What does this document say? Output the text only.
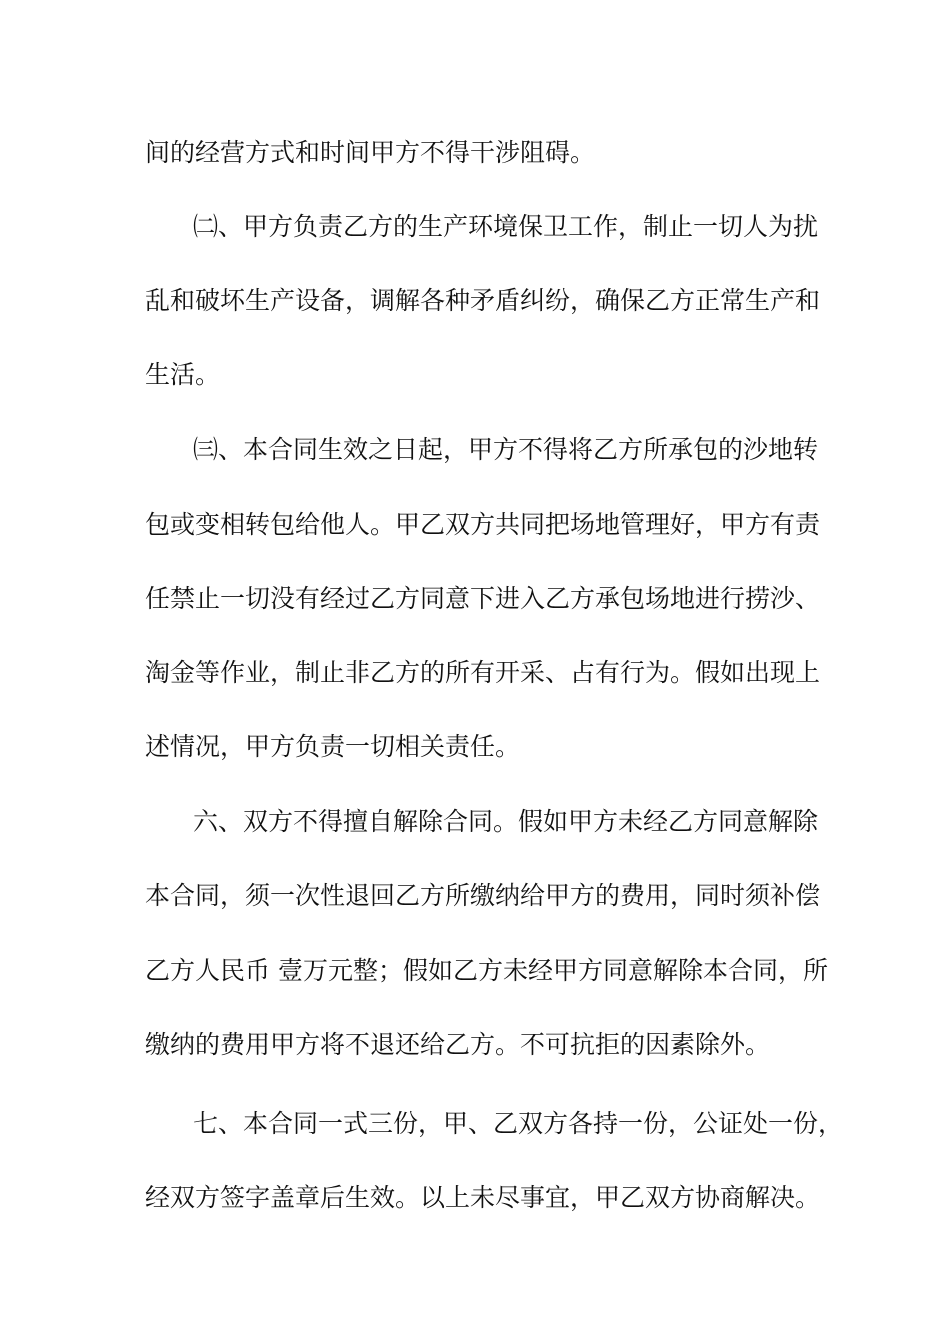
间的经营方式和时间甲方不得干涉阻碍。

㈡、甲方负责乙方的生产环境保卫工作，制止一切人为扰

乱和破坏生产设备，调解各种矛盾纠纷，确保乙方正常生产和

生活。

㈢、本合同生效之日起，甲方不得将乙方所承包的沙地转

包或变相转包给他人。甲乙双方共同把场地管理好，甲方有责

任禁止一切没有经过乙方同意下进入乙方承包场地进行捞沙、

淘金等作业，制止非乙方的所有开采、占有行为。假如出现上

述情况，甲方负责一切相关责任。

六、双方不得擅自解除合同。假如甲方未经乙方同意解除

本合同，须一次性退回乙方所缴纳给甲方的费用，同时须补偿

乙方人民币 壹万元整；假如乙方未经甲方同意解除本合同，所

缴纳的费用甲方将不退还给乙方。不可抗拒的因素除外。

七、本合同一式三份，甲、乙双方各持一份，公证处一份，

经双方签字盖章后生效。以上未尽事宜，甲乙双方协商解决。
